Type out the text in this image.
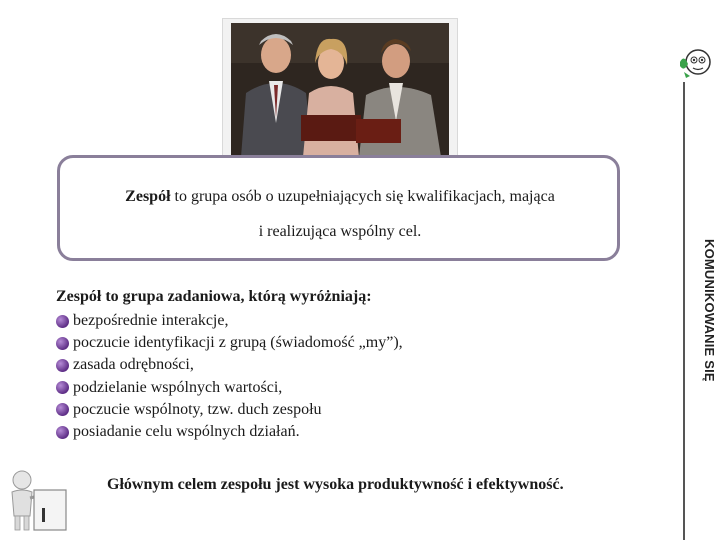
KOMUNIKOWANIE SIĘ
Zespół to grupa osób o uzupełniających się kwalifikacjach, mająca
i realizująca wspólny cel.
Zespół to grupa zadaniowa, którą wyróżniają:
bezpośrednie interakcje,
poczucie identyfikacji z grupą (świadomość „my”),
zasada odrębności,
podzielanie wspólnych wartości,
poczucie wspólnoty, tzw. duch zespołu
posiadanie celu wspólnych działań.
Głównym celem zespołu jest wysoka produktywność i efektywność.
